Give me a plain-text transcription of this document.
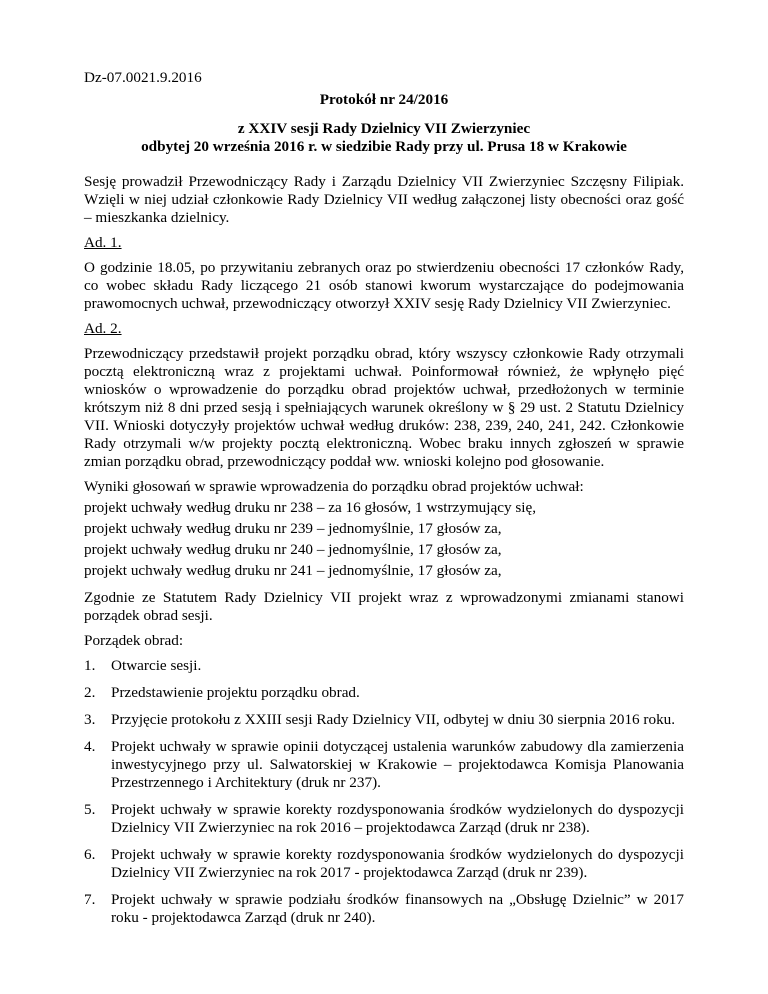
Dz-07.0021.9.2016
Protokół nr 24/2016
z XXIV sesji Rady Dzielnicy VII Zwierzyniec
odbytej 20 września 2016 r. w siedzibie Rady przy ul. Prusa 18 w Krakowie

Sesję prowadził Przewodniczący Rady i Zarządu Dzielnicy VII Zwierzyniec Szczęsny Filipiak. Wzięli w niej udział członkowie Rady Dzielnicy VII według załączonej listy obecności oraz gość – mieszkanka dzielnicy.

Ad. 1.

O godzinie 18.05, po przywitaniu zebranych oraz po stwierdzeniu obecności 17 członków Rady, co wobec składu Rady liczącego 21 osób stanowi kworum wystarczające do podejmowania prawomocnych uchwał, przewodniczący otworzył XXIV sesję Rady Dzielnicy VII Zwierzyniec.

Ad. 2.

Przewodniczący przedstawił projekt porządku obrad, który wszyscy członkowie Rady otrzymali pocztą elektroniczną wraz z projektami uchwał. Poinformował również, że wpłynęło pięć wniosków o wprowadzenie do porządku obrad projektów uchwał, przedłożonych w terminie krótszym niż 8 dni przed sesją i spełniających warunek określony w § 29 ust. 2 Statutu Dzielnicy VII. Wnioski dotyczyły projektów uchwał według druków: 238, 239, 240, 241, 242. Członkowie Rady otrzymali w/w projekty pocztą elektroniczną. Wobec braku innych zgłoszeń w sprawie zmian porządku obrad, przewodniczący poddał ww. wnioski kolejno pod głosowanie.

Wyniki głosowań w sprawie wprowadzenia do porządku obrad projektów uchwał:
projekt uchwały według druku nr 238 – za 16 głosów, 1 wstrzymujący się,
projekt uchwały według druku nr 239 – jednomyślnie, 17 głosów za,
projekt uchwały według druku nr 240 – jednomyślnie, 17 głosów za,
projekt uchwały według druku nr 241 – jednomyślnie, 17 głosów za,

Zgodnie ze Statutem Rady Dzielnicy VII projekt wraz z wprowadzonymi zmianami stanowi porządek obrad sesji.

Porządek obrad:

1.	Otwarcie sesji.
2.	Przedstawienie projektu porządku obrad.
3.	Przyjęcie protokołu z XXIII sesji Rady Dzielnicy VII, odbytej w dniu 30 sierpnia 2016 roku.
4.	Projekt uchwały w sprawie opinii dotyczącej ustalenia warunków zabudowy dla zamierzenia inwestycyjnego przy ul. Salwatorskiej w Krakowie – projektodawca Komisja Planowania Przestrzennego i Architektury (druk nr 237).
5.	Projekt uchwały w sprawie korekty rozdysponowania środków wydzielonych do dyspozycji Dzielnicy VII Zwierzyniec na rok 2016 – projektodawca Zarząd (druk nr 238).
6.	Projekt uchwały w sprawie korekty rozdysponowania środków wydzielonych do dyspozycji Dzielnicy VII Zwierzyniec na rok 2017 - projektodawca Zarząd (druk nr 239).
7.	Projekt uchwały w sprawie podziału środków finansowych na „Obsługę Dzielnic” w 2017 roku - projektodawca Zarząd (druk nr 240).
